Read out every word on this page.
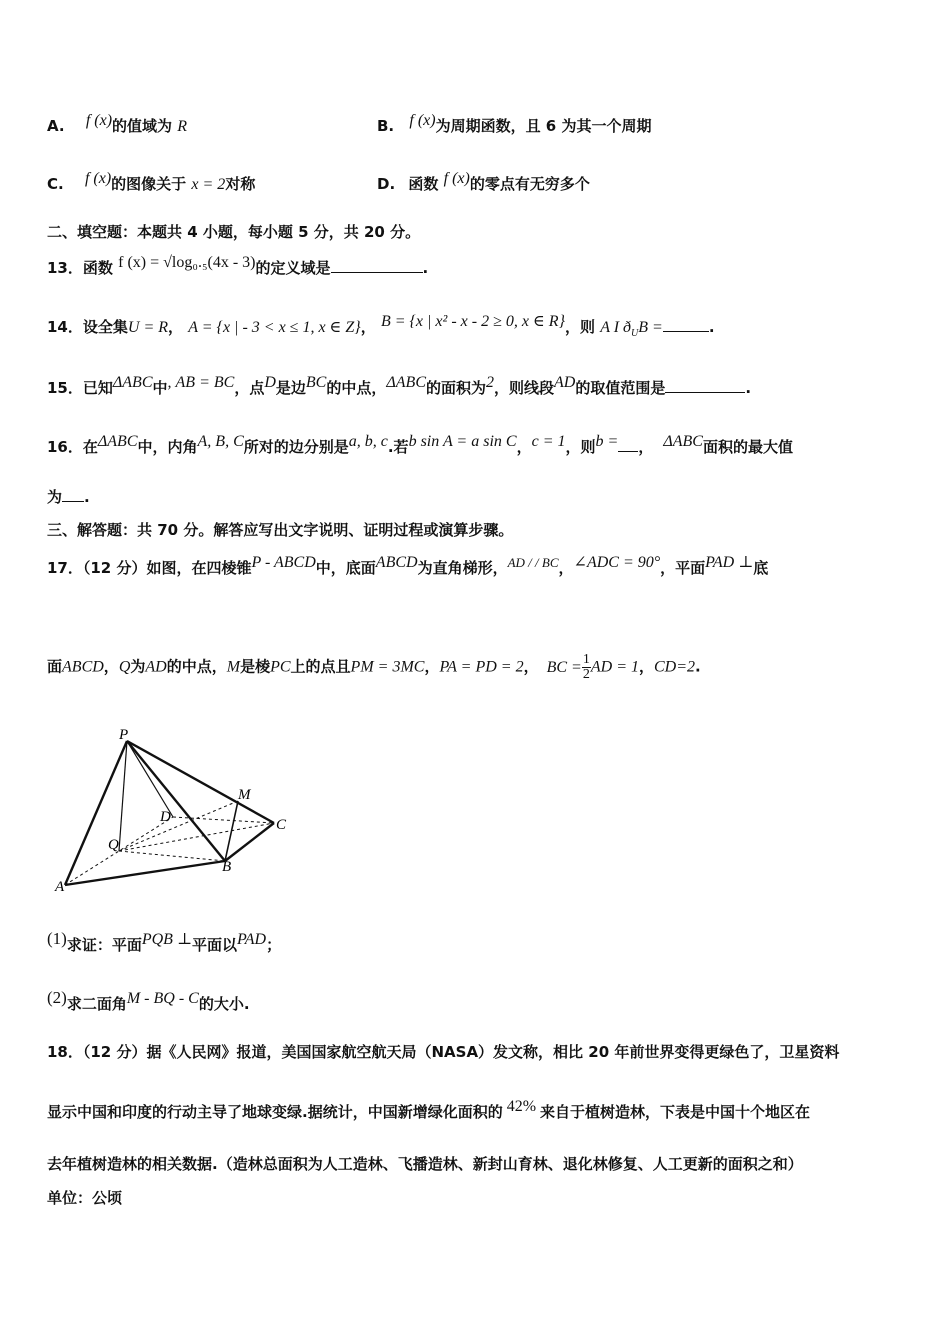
A. f (x)的值域为 R	B. f (x)为周期函数，且 6 为其一个周期
C. f (x)的图像关于 x = 2对称	D. 函数 f (x)的零点有无穷多个
二、填空题：本题共 4 小题，每小题 5 分，共 20 分。
13．函数 f (x) = √log₀.₅(4x - 3)的定义域是	.
14．设全集U = R， A = {x | - 3 < x ≤ 1, x ∈ Z}， B = {x | x² - x - 2 ≥ 0, x ∈ R}，则 A I $ð_UB$ =	.
15．已知ΔABC中, AB = BC，点D是边BC的中点，ΔABC的面积为2，则线段AD的取值范围是	.
16．在ΔABC中，内角A, B, C所对的边分别是a, b, c.若b sin A = a sin C，c = 1，则b = ， ΔABC面积的最大值
为 .
三、解答题：共 70 分。解答应写出文字说明、证明过程或演算步骤。
17．（12 分）如图，在四棱锥P - ABCD中，底面ABCD为直角梯形，AD / / BC，∠ADC = 90°，平面PAD ⊥底
面ABCD，Q为AD的中点，M是棱PC上的点且PM = 3MC，PA = PD = 2， BC = $\frac{1}{2}$ AD = 1，CD=2.
P
M
D	C
Q
B
A
(1)求证：平面PQB ⊥平面以PAD；
(2)求二面角M - BQ - C的大小.
18．（12 分）据《人民网》报道，美国国家航空航天局（NASA）发文称，相比 20 年前世界变得更绿色了，卫星资料
显示中国和印度的行动主导了地球变绿.据统计，中国新增绿化面积的 42% 来自于植树造林，下表是中国十个地区在
去年植树造林的相关数据.（造林总面积为人工造林、飞播造林、新封山育林、退化林修复、人工更新的面积之和）
单位：公顷
